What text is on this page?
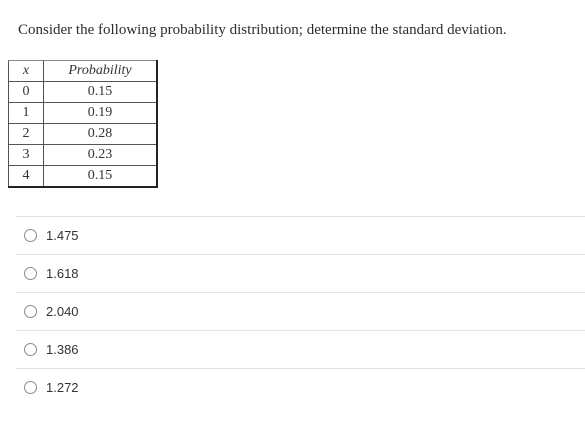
Consider the following probability distribution; determine the standard deviation.
x	Probability
0	0.15
1	0.19
2	0.28
3	0.23
4	0.15
1.475
1.618
2.040
1.386
1.272
